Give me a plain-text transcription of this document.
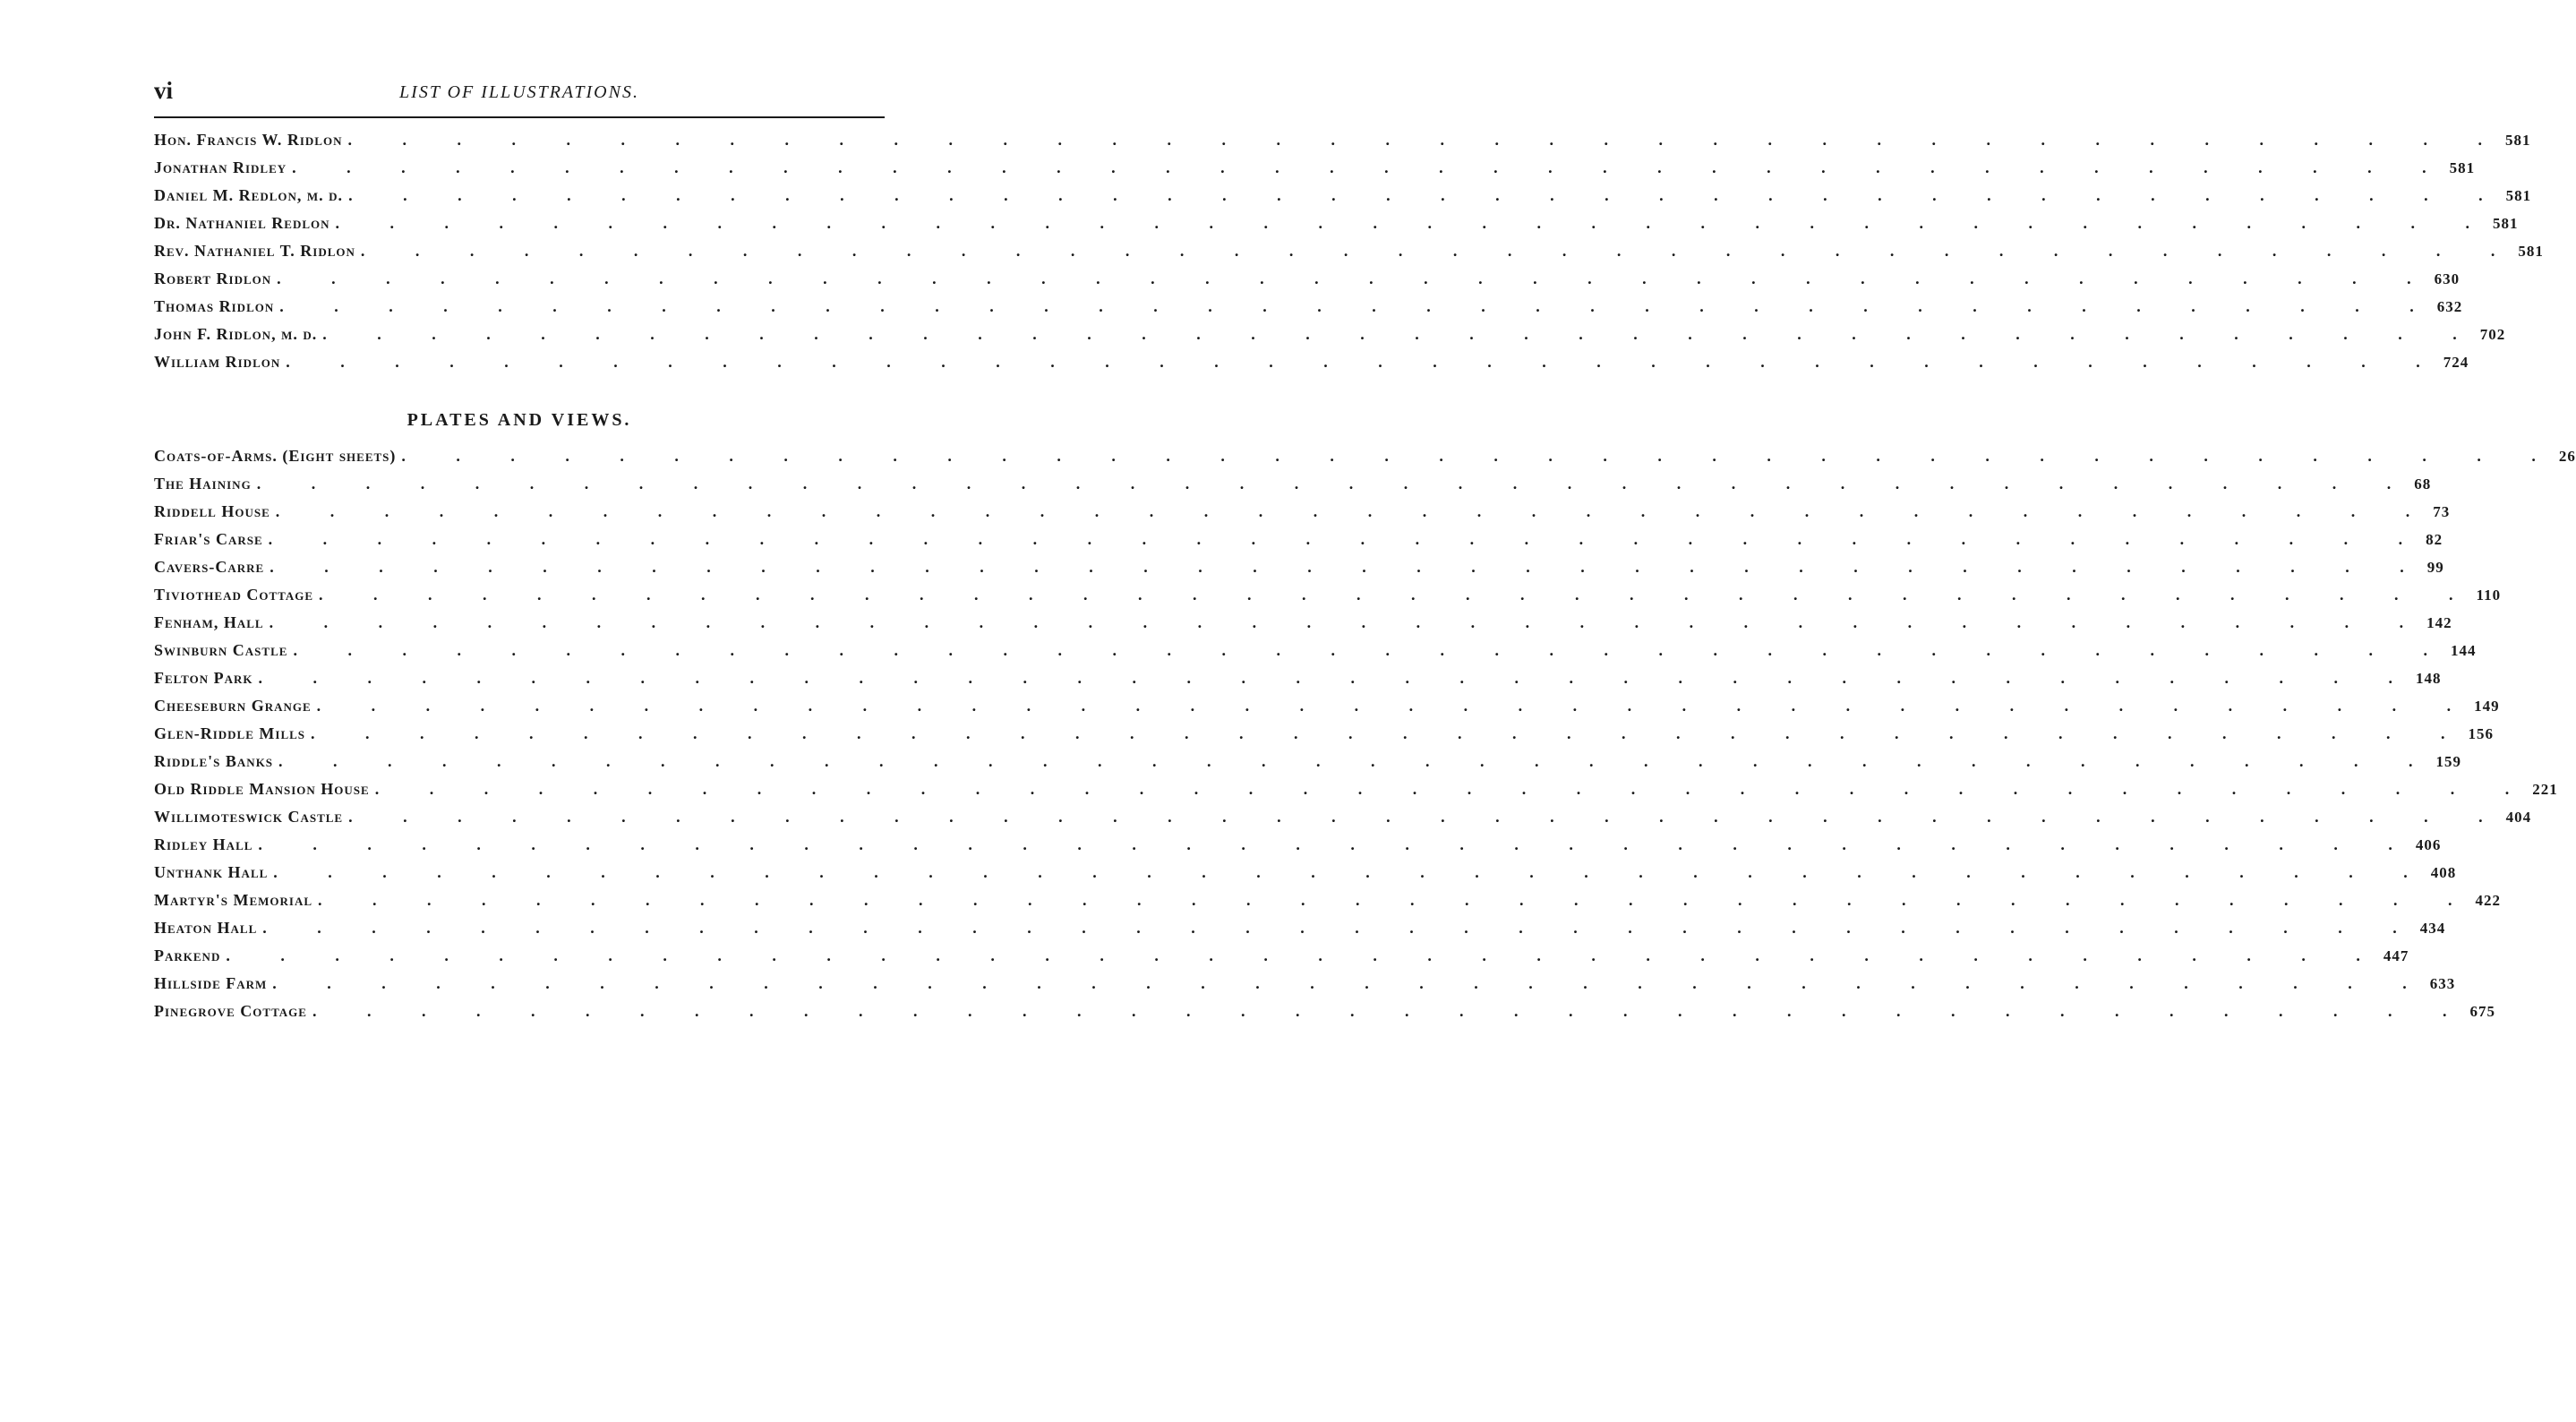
vi	LIST OF ILLUSTRATIONS.
Hon. Francis W. Ridlon . . . . . . . . . . . . . . . . . . . . . . . . . . . . . . . . . . . . . . . . 581
Jonathan Ridley . . . . . . . . . . . . . . . . . . . . . . . . . . . . . . . . . . . . . . . . 581
Daniel M. Redlon, m. d. . . . . . . . . . . . . . . . . . . . . . . . . . . . . . . . . . . . . . . . . 581
Dr. Nathaniel Redlon . . . . . . . . . . . . . . . . . . . . . . . . . . . . . . . . . . . . . . . . 581
Rev. Nathaniel T. Ridlon . . . . . . . . . . . . . . . . . . . . . . . . . . . . . . . . . . . . . . . . 581
Robert Ridlon . . . . . . . . . . . . . . . . . . . . . . . . . . . . . . . . . . . . . . . . 630
Thomas Ridlon . . . . . . . . . . . . . . . . . . . . . . . . . . . . . . . . . . . . . . . . 632
John F. Ridlon, m. d. . . . . . . . . . . . . . . . . . . . . . . . . . . . . . . . . . . . . . . . . 702
William Ridlon . . . . . . . . . . . . . . . . . . . . . . . . . . . . . . . . . . . . . . . . 724
PLATES AND VIEWS.
Coats-of-Arms. (Eight sheets) . . . . . . . . . . . . . . . . . . . . . . . . . . . . . . . . . . . . . . . . 26
The Haining . . . . . . . . . . . . . . . . . . . . . . . . . . . . . . . . . . . . . . . . 68
Riddell House . . . . . . . . . . . . . . . . . . . . . . . . . . . . . . . . . . . . . . . . 73
Friar's Carse . . . . . . . . . . . . . . . . . . . . . . . . . . . . . . . . . . . . . . . . 82
Cavers-Carre . . . . . . . . . . . . . . . . . . . . . . . . . . . . . . . . . . . . . . . . 99
Tiviothead Cottage . . . . . . . . . . . . . . . . . . . . . . . . . . . . . . . . . . . . . . . . 110
Fenham, Hall . . . . . . . . . . . . . . . . . . . . . . . . . . . . . . . . . . . . . . . . 142
Swinburn Castle . . . . . . . . . . . . . . . . . . . . . . . . . . . . . . . . . . . . . . . . 144
Felton Park . . . . . . . . . . . . . . . . . . . . . . . . . . . . . . . . . . . . . . . . 148
Cheeseburn Grange . . . . . . . . . . . . . . . . . . . . . . . . . . . . . . . . . . . . . . . . 149
Glen-Riddle Mills . . . . . . . . . . . . . . . . . . . . . . . . . . . . . . . . . . . . . . . . 156
Riddle's Banks . . . . . . . . . . . . . . . . . . . . . . . . . . . . . . . . . . . . . . . . 159
Old Riddle Mansion House . . . . . . . . . . . . . . . . . . . . . . . . . . . . . . . . . . . . . . . . 221
Willimoteswick Castle . . . . . . . . . . . . . . . . . . . . . . . . . . . . . . . . . . . . . . . . 404
Ridley Hall . . . . . . . . . . . . . . . . . . . . . . . . . . . . . . . . . . . . . . . . 406
Unthank Hall . . . . . . . . . . . . . . . . . . . . . . . . . . . . . . . . . . . . . . . . 408
Martyr's Memorial . . . . . . . . . . . . . . . . . . . . . . . . . . . . . . . . . . . . . . . . 422
Heaton Hall . . . . . . . . . . . . . . . . . . . . . . . . . . . . . . . . . . . . . . . . 434
Parkend . . . . . . . . . . . . . . . . . . . . . . . . . . . . . . . . . . . . . . . . 447
Hillside Farm . . . . . . . . . . . . . . . . . . . . . . . . . . . . . . . . . . . . . . . . 633
Pinegrove Cottage . . . . . . . . . . . . . . . . . . . . . . . . . . . . . . . . . . . . . . . . 675
